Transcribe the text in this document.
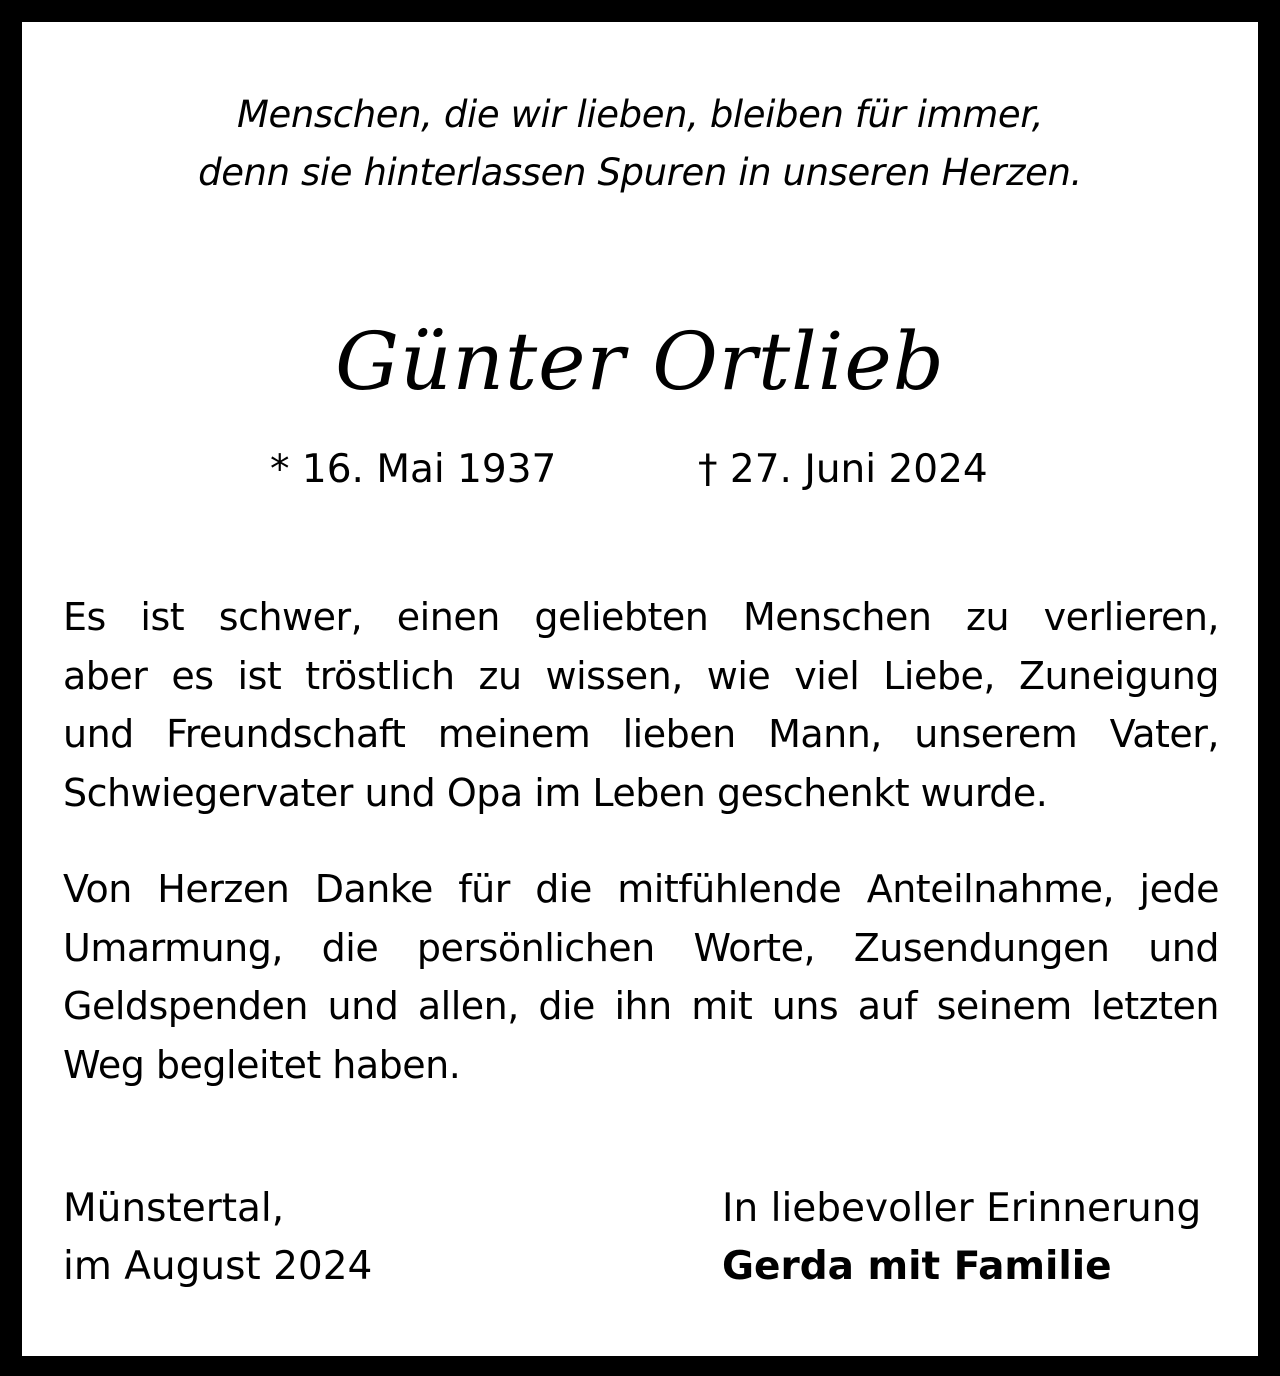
Menschen, die wir lieben, bleiben für immer,
denn sie hinterlassen Spuren in unseren Herzen.
Günter Ortlieb
* 16. Mai 1937	† 27. Juni 2024
Es ist schwer, einen geliebten Menschen zu verlieren,
aber es ist tröstlich zu wissen, wie viel Liebe, Zuneigung
und Freundschaft meinem lieben Mann, unserem Vater,
Schwiegervater und Opa im Leben geschenkt wurde.
Von Herzen Danke für die mitfühlende Anteilnahme, jede
Umarmung, die persönlichen Worte, Zusendungen und
Geldspenden und allen, die ihn mit uns auf seinem letzten
Weg begleitet haben.
Münstertal,
im August 2024
In liebevoller Erinnerung
Gerda mit Familie
